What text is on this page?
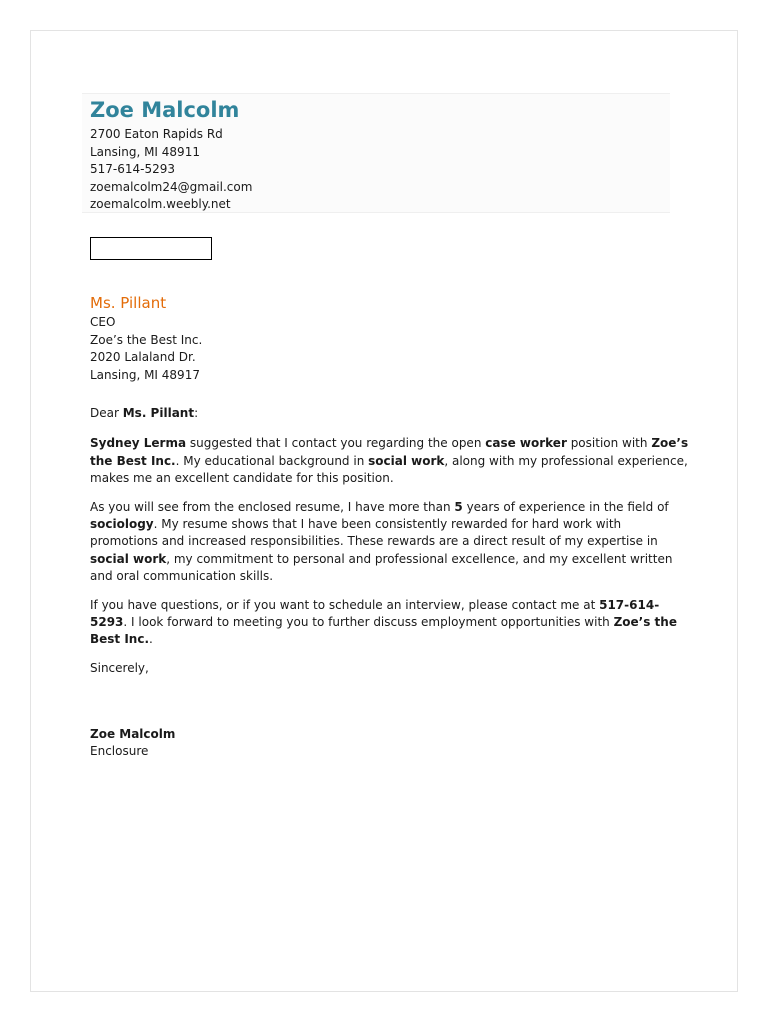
Zoe Malcolm
2700 Eaton Rapids Rd
Lansing, MI 48911
517-614-5293
zoemalcolm24@gmail.com
zoemalcolm.weebly.net
Ms. Pillant
CEO
Zoe’s the Best Inc.
2020 Lalaland Dr.
Lansing, MI 48917

Dear Ms. Pillant:

Sydney Lerma suggested that I contact you regarding the open case worker position with Zoe’s the Best Inc.. My educational background in social work, along with my professional experience, makes me an excellent candidate for this position.

As you will see from the enclosed resume, I have more than 5 years of experience in the field of sociology. My resume shows that I have been consistently rewarded for hard work with promotions and increased responsibilities. These rewards are a direct result of my expertise in social work, my commitment to personal and professional excellence, and my excellent written and oral communication skills.

If you have questions, or if you want to schedule an interview, please contact me at 517-614-5293. I look forward to meeting you to further discuss employment opportunities with Zoe’s the Best Inc..

Sincerely,

Zoe Malcolm

Enclosure
